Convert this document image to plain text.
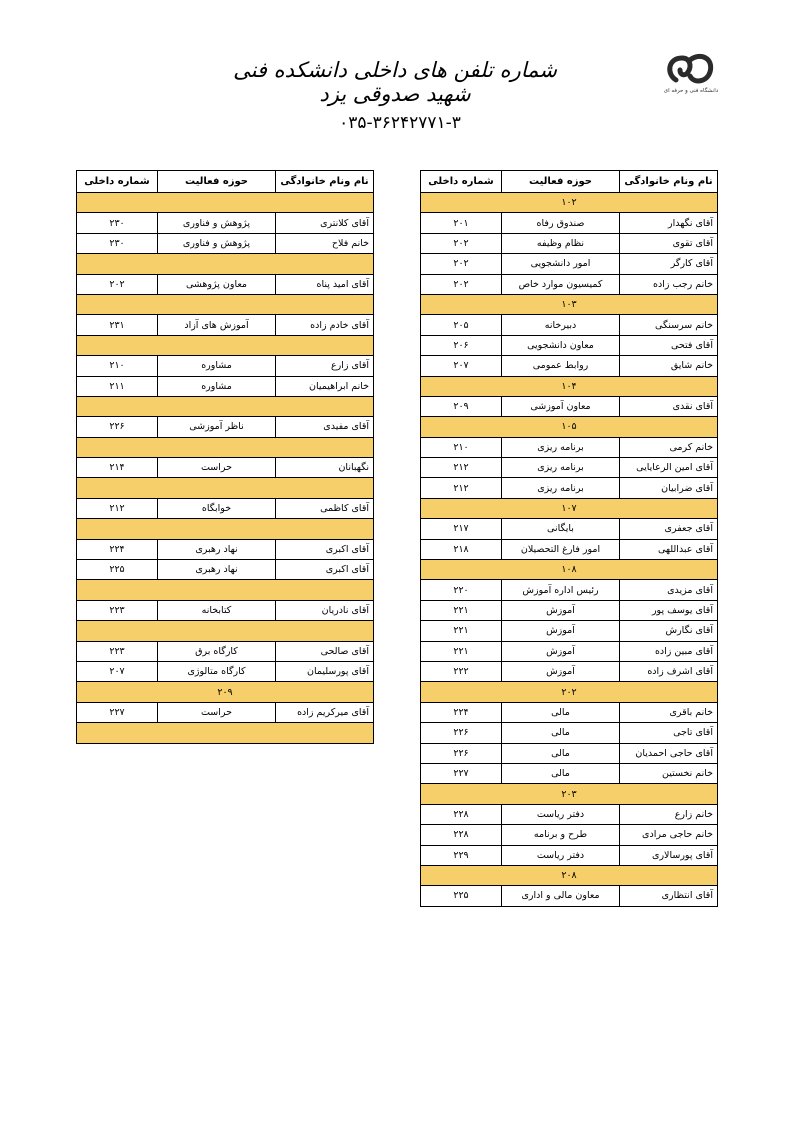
دانشگاه فنی و حرفه ای
شماره تلفن های داخلی دانشکده فنی شهید صدوقی یزد
۰۳۵-۳۶۲۴۲۷۷۱-۳
نام ونام خانوادگی	حوزه فعالیت	شماره داخلی
۱۰۲		
آقای نگهدار	صندوق رفاه	۲۰۱
آقای تقوی	نظام وظیفه	۲۰۲
آقای کارگر	امور دانشجویی	۲۰۲
خانم رجب زاده	کمیسیون موارد خاص	۲۰۲
۱۰۳		
خانم سرسنگی	دبیرخانه	۲۰۵
آقای فتحی	معاون دانشجویی	۲۰۶
خانم شایق	روابط عمومی	۲۰۷
۱۰۴		
آقای نقدی	معاون آموزشی	۲۰۹
۱۰۵		
خانم کرمی	برنامه ریزی	۲۱۰
آقای امین الرعایایی	برنامه ریزی	۲۱۲
آقای ضرابیان	برنامه ریزی	۲۱۲
۱۰۷		
آقای جعفری	بایگانی	۲۱۷
آقای عبداللهی	امور فارغ التحصیلان	۲۱۸
۱۰۸		
آقای مزیدی	رئیس اداره آموزش	۲۲۰
آقای یوسف پور	آموزش	۲۲۱
آقای نگارش	آموزش	۲۲۱
آقای مبین زاده	آموزش	۲۲۱
آقای اشرف زاده	آموزش	۲۲۲
۲۰۲		
خانم باقری	مالی	۲۲۴
آقای تاجی	مالی	۲۲۶
آقای حاجی احمدیان	مالی	۲۲۶
خانم نخستین	مالی	۲۲۷
۲۰۳		
خانم زارع	دفتر ریاست	۲۲۸
خانم حاجی مرادی	طرح و برنامه	۲۲۸
آقای پورسالاری	دفتر ریاست	۲۲۹
۲۰۸		
آقای انتظاری	معاون مالی و اداری	۲۲۵
نام ونام خانوادگی	حوزه فعالیت	شماره داخلی

آقای کلانتری	پژوهش و فناوری	۲۳۰
خانم فلاح	پژوهش و فناوری	۲۳۰

آقای امید پناه	معاون پژوهشی	۲۰۲

آقای خادم زاده	آموزش های آزاد	۲۳۱

آقای زارع	مشاوره	۲۱۰
خانم ابراهیمیان	مشاوره	۲۱۱

آقای مفیدی	ناظر آموزشی	۲۲۶

نگهبانان	حراست	۲۱۴

آقای کاظمی	خوابگاه	۲۱۲

آقای اکبری	نهاد رهبری	۲۲۴
آقای اکبری	نهاد رهبری	۲۲۵

آقای نادریان	کتابخانه	۲۲۳

آقای صالحی	کارگاه برق	۲۲۳
آقای پورسلیمان	کارگاه متالوژی	۲۰۷
۲۰۹		
آقای میرکریم زاده	حراست	۲۲۷
